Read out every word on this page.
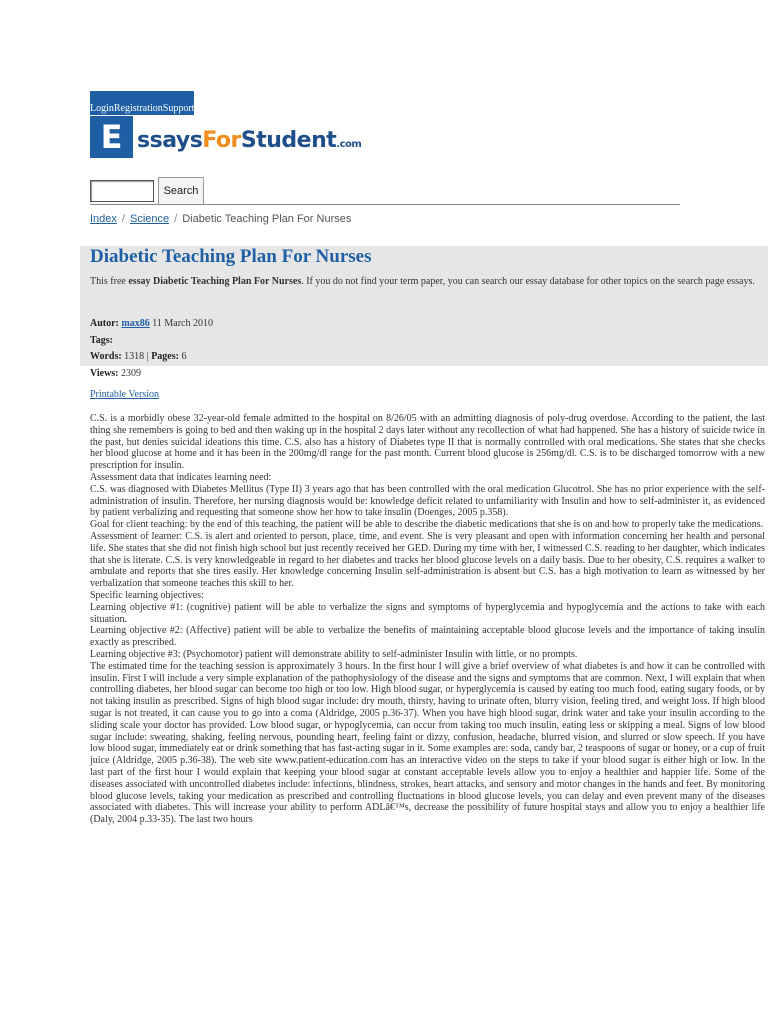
Login Registration Support
E ssaysForStudent.com
Search
Index / Science / Diabetic Teaching Plan For Nurses
Diabetic Teaching Plan For Nurses
This free essay Diabetic Teaching Plan For Nurses. If you do not find your term paper, you can search our essay database for other topics on the search page essays.
Autor: max86 11 March 2010
Tags:
Words: 1318 | Pages: 6
Views: 2309
Printable Version

C.S. is a morbidly obese 32-year-old female admitted to the hospital on 8/26/05 with an admitting diagnosis of poly-drug overdose. According to the patient, the last thing she remembers is going to bed and then waking up in the hospital 2 days later without any recollection of what had happened. She has a history of suicide twice in the past, but denies suicidal ideations this time. C.S. also has a history of Diabetes type II that is normally controlled with oral medications. She states that she checks her blood glucose at home and it has been in the 200mg/dl range for the past month. Current blood glucose is 256mg/dl. C.S. is to be discharged tomorrow with a new prescription for insulin.

Assessment data that indicates learning need:

C.S. was diagnosed with Diabetes Mellitus (Type II) 3 years ago that has been controlled with the oral medication Glucotrol. She has no prior experience with the self-administration of insulin. Therefore, her nursing diagnosis would be: knowledge deficit related to unfamiliarity with Insulin and how to self-administer it, as evidenced by patient verbalizing and requesting that someone show her how to take insulin (Doenges, 2005 p.358).

Goal for client teaching: by the end of this teaching, the patient will be able to describe the diabetic medications that she is on and how to properly take the medications.

Assessment of learner: C.S. is alert and oriented to person, place, time, and event. She is very pleasant and open with information concerning her health and personal life. She states that she did not finish high school but just recently received her GED. During my time with her, I witnessed C.S. reading to her daughter, which indicates that she is literate. C.S. is very knowledgeable in regard to her diabetes and tracks her blood glucose levels on a daily basis. Due to her obesity, C.S. requires a walker to ambulate and reports that she tires easily. Her knowledge concerning Insulin self-administration is absent but C.S. has a high motivation to learn as witnessed by her verbalization that someone teaches this skill to her.

Specific learning objectives:

Learning objective #1: (cognitive) patient will be able to verbalize the signs and symptoms of hyperglycemia and hypoglycemia and the actions to take with each situation.

Learning objective #2: (Affective) patient will be able to verbalize the benefits of maintaining acceptable blood glucose levels and the importance of taking insulin exactly as prescribed.

Learning objective #3: (Psychomotor) patient will demonstrate ability to self-administer Insulin with little, or no prompts.

The estimated time for the teaching session is approximately 3 hours. In the first hour I will give a brief overview of what diabetes is and how it can be controlled with insulin. First I will include a very simple explanation of the pathophysiology of the disease and the signs and symptoms that are common. Next, I will explain that when controlling diabetes, her blood sugar can become too high or too low. High blood sugar, or hyperglycemia is caused by eating too much food, eating sugary foods, or by not taking insulin as prescribed. Signs of high blood sugar include: dry mouth, thirsty, having to urinate often, blurry vision, feeling tired, and weight loss. If high blood sugar is not treated, it can cause you to go into a coma (Aldridge, 2005 p.36-37). When you have high blood sugar, drink water and take your insulin according to the sliding scale your doctor has provided. Low blood sugar, or hypoglycemia, can occur from taking too much insulin, eating less or skipping a meal. Signs of low blood sugar include: sweating, shaking, feeling nervous, pounding heart, feeling faint or dizzy, confusion, headache, blurred vision, and slurred or slow speech. If you have low blood sugar, immediately eat or drink something that has fast-acting sugar in it. Some examples are: soda, candy bar, 2 teaspoons of sugar or honey, or a cup of fruit juice (Aldridge, 2005 p.36-38). The web site www.patient-education.com has an interactive video on the steps to take if your blood sugar is either high or low. In the last part of the first hour I would explain that keeping your blood sugar at constant acceptable levels allow you to enjoy a healthier and happier life. Some of the diseases associated with uncontrolled diabetes include: infections, blindness, strokes, heart attacks, and sensory and motor changes in the hands and feet. By monitoring blood glucose levels, taking your medication as prescribed and controlling fluctuations in blood glucose levels, you can delay and even prevent many of the diseases associated with diabetes. This will increase your ability to perform ADLâ€™s, decrease the possibility of future hospital stays and allow you to enjoy a healthier life (Daly, 2004 p.33-35). The last two hours
